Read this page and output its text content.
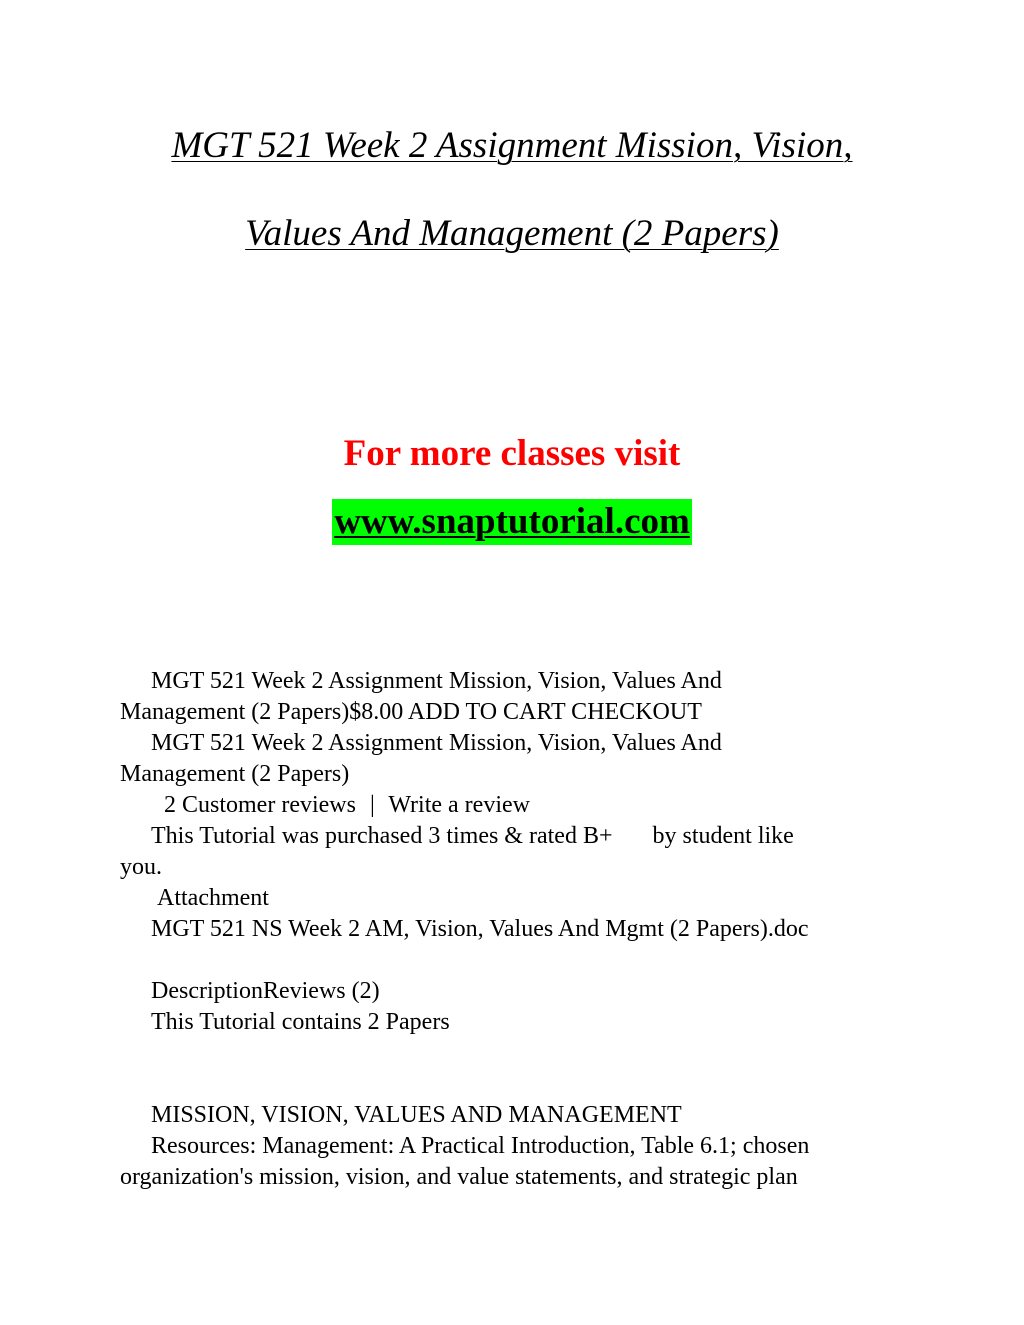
MGT 521 Week 2 Assignment Mission, Vision,
Values And Management (2 Papers)
For more classes visit
www.snaptutorial.com
MGT 521 Week 2 Assignment Mission, Vision, Values And
Management (2 Papers)$8.00 ADD TO CART CHECKOUT
MGT 521 Week 2 Assignment Mission, Vision, Values And
Management (2 Papers)
2 Customer reviews | Write a review
This Tutorial was purchased 3 times & rated B+ by student like
you.
Attachment
MGT 521 NS Week 2 AM, Vision, Values And Mgmt (2 Papers).doc
DescriptionReviews (2)
This Tutorial contains 2 Papers
MISSION, VISION, VALUES AND MANAGEMENT
Resources: Management: A Practical Introduction, Table 6.1; chosen
organization's mission, vision, and value statements, and strategic plan
